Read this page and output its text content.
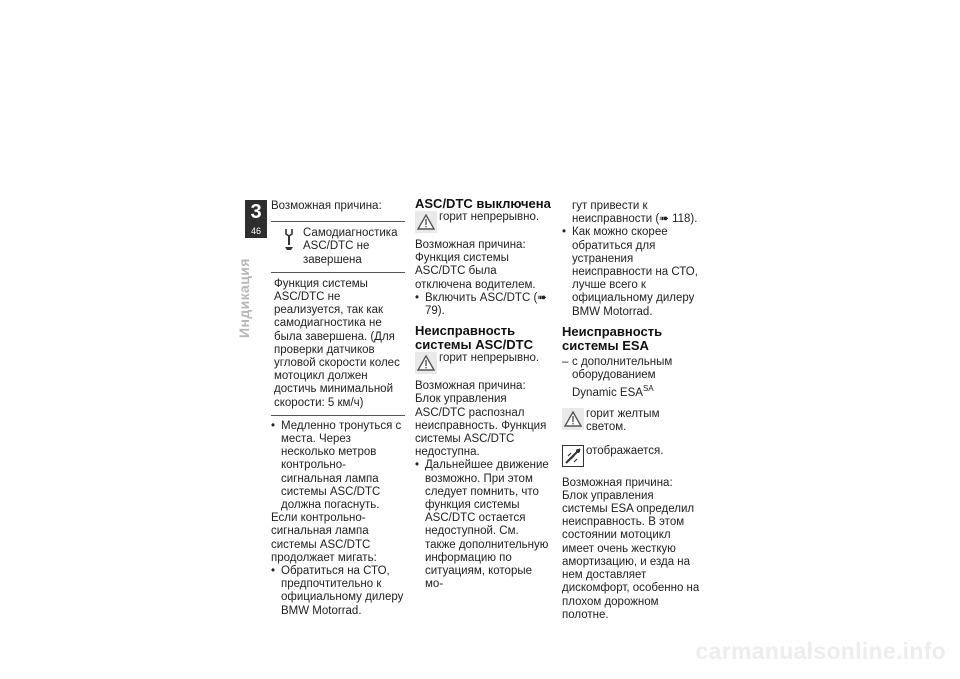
3
46
Индикация

Возможная причина:

Самодиагностика ASC/DTC не завершена
Функция системы ASC/DTC не реализуется, так как самодиагностика не была завершена. (Для проверки датчиков угловой скорости колес мотоцикл должен достичь минимальной скорости: 5 км/ч)

• Медленно тронуться с места. Через несколько метров контрольно-сигнальная лампа системы ASC/DTC должна погаснуть.

Если контрольно-сигнальная лампа системы ASC/DTC продолжает мигать:

• Обратиться на СТО, предпочтительно к официальному дилеру BMW Motorrad.

ASC/DTC выключена
горит непрерывно.

Возможная причина:

Функция системы ASC/DTC была отключена водителем.

• Включить ASC/DTC (➠ 79).

Неисправность системы ASC/DTC
горит непрерывно.

Возможная причина:

Блок управления ASC/DTC распознал неисправность. Функция системы ASC/DTC недоступна.

• Дальнейшее движение возможно. При этом следует помнить, что функция системы ASC/DTC остается недоступной. См. также дополнительную информацию по ситуациям, которые мо-

гут привести к неисправности (➠ 118).

• Как можно скорее обратиться для устранения неисправности на СТО, лучше всего к официальному дилеру BMW Motorrad.

Неисправность системы ESA

– с дополнительным оборудованием Dynamic $ESA^{SA}$

горит желтым светом.
отображается.

Возможная причина:

Блок управления системы ESA определил неисправность. В этом состоянии мотоцикл имеет очень жесткую амортизацию, и езда на нем доставляет дискомфорт, особенно на плохом дорожном полотне.

carmanualsonline.info
